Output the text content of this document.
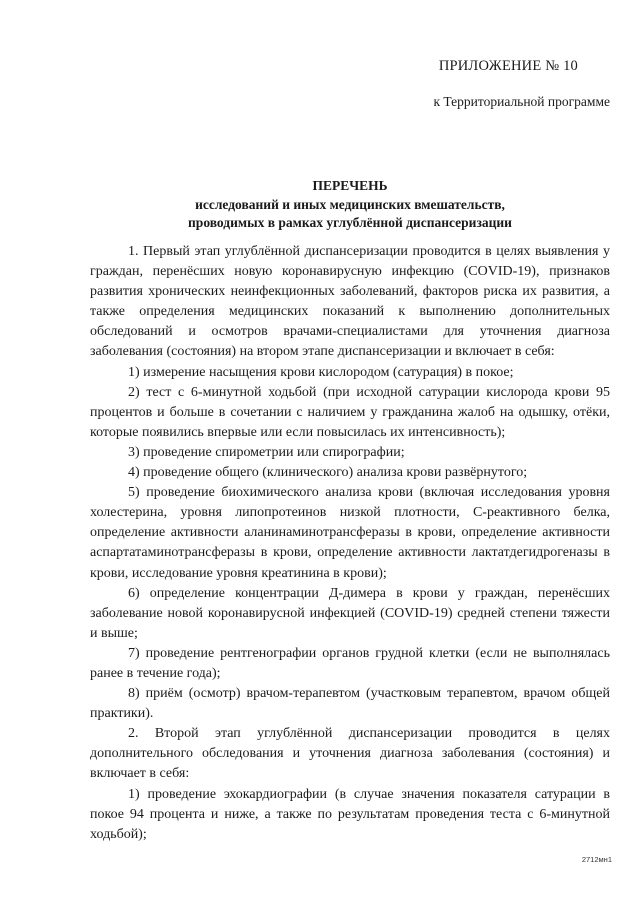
ПРИЛОЖЕНИЕ № 10
к Территориальной программе
ПЕРЕЧЕНЬ
исследований и иных медицинских вмешательств,
проводимых в рамках углублённой диспансеризации

1. Первый этап углублённой диспансеризации проводится в целях выявления у граждан, перенёсших новую коронавирусную инфекцию (COVID-19), признаков развития хронических неинфекционных заболеваний, факторов риска их развития, а также определения медицинских показаний к выполнению дополнительных обследований и осмотров врачами-специалистами для уточнения диагноза заболевания (состояния) на втором этапе диспансеризации и включает в себя:

1) измерение насыщения крови кислородом (сатурация) в покое;

2) тест с 6-минутной ходьбой (при исходной сатурации кислорода крови 95 процентов и больше в сочетании с наличием у гражданина жалоб на одышку, отёки, которые появились впервые или если повысилась их интенсивность);

3) проведение спирометрии или спирографии;

4) проведение общего (клинического) анализа крови развёрнутого;

5) проведение биохимического анализа крови (включая исследования уровня холестерина, уровня липопротеинов низкой плотности, С-реактивного белка, определение активности аланинаминотрансферазы в крови, определение активности аспартатаминотрансферазы в крови, определение активности лактатдегидрогеназы в крови, исследование уровня креатинина в крови);

6) определение концентрации Д-димера в крови у граждан, перенёсших заболевание новой коронавирусной инфекцией (COVID-19) средней степени тяжести и выше;

7) проведение рентгенографии органов грудной клетки (если не выполнялась ранее в течение года);

8) приём (осмотр) врачом-терапевтом (участковым терапевтом, врачом общей практики).

2. Второй этап углублённой диспансеризации проводится в целях дополнительного обследования и уточнения диагноза заболевания (состояния) и включает в себя:

1) проведение эхокардиографии (в случае значения показателя сатурации в покое 94 процента и ниже, а также по результатам проведения теста с 6-минутной ходьбой);

2712мн1
